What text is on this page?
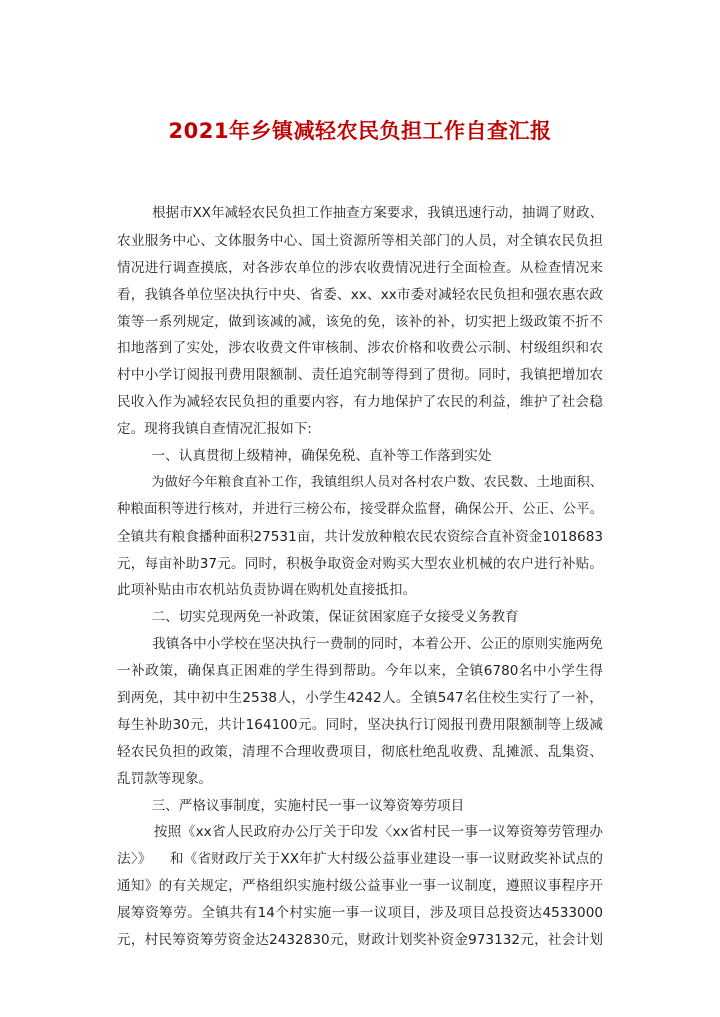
2021年乡镇减轻农民负担工作自查汇报
根据市XX年减轻农民负担工作抽查方案要求，我镇迅速行动，抽调了财政、
农业服务中心、文体服务中心、国土资源所等相关部门的人员，对全镇农民负担
情况进行调查摸底，对各涉农单位的涉农收费情况进行全面检查。从检查情况来
看，我镇各单位坚决执行中央、省委、xx、xx市委对减轻农民负担和强农惠农政
策等一系列规定，做到该减的减，该免的免，该补的补，切实把上级政策不折不
扣地落到了实处，涉农收费文件审核制、涉农价格和收费公示制、村级组织和农
村中小学订阅报刊费用限额制、责任追究制等得到了贯彻。同时，我镇把增加农
民收入作为减轻农民负担的重要内容，有力地保护了农民的利益，维护了社会稳
定。现将我镇自查情况汇报如下:
一、认真贯彻上级精神，确保免税、直补等工作落到实处
为做好今年粮食直补工作，我镇组织人员对各村农户数、农民数、土地面积、
种粮面积等进行核对，并进行三榜公布，接受群众监督，确保公开、公正、公平。
全镇共有粮食播种面积27531亩，共计发放种粮农民农资综合直补资金1018683
元，每亩补助37元。同时，积极争取资金对购买大型农业机械的农户进行补贴。
此项补贴由市农机站负责协调在购机处直接抵扣。
二、切实兑现两免一补政策，保证贫困家庭子女接受义务教育
我镇各中小学校在坚决执行一费制的同时，本着公开、公正的原则实施两免
一补政策，确保真正困难的学生得到帮助。今年以来，全镇6780名中小学生得
到两免，其中初中生2538人，小学生4242人。全镇547名住校生实行了一补，
每生补助30元，共计164100元。同时，坚决执行订阅报刊费用限额制等上级减
轻农民负担的政策，清理不合理收费项目，彻底杜绝乱收费、乱摊派、乱集资、
乱罚款等现象。
三、严格议事制度，实施村民一事一议筹资筹劳项目
按照《xx省人民政府办公厅关于印发〈xx省村民一事一议筹资筹劳管理办
法〉》    和《省财政厅关于XX年扩大村级公益事业建设一事一议财政奖补试点的
通知》的有关规定，严格组织实施村级公益事业一事一议制度，遵照议事程序开
展筹资筹劳。全镇共有14个村实施一事一议项目，涉及项目总投资达4533000
元，村民筹资筹劳资金达2432830元，财政计划奖补资金973132元，社会计划
